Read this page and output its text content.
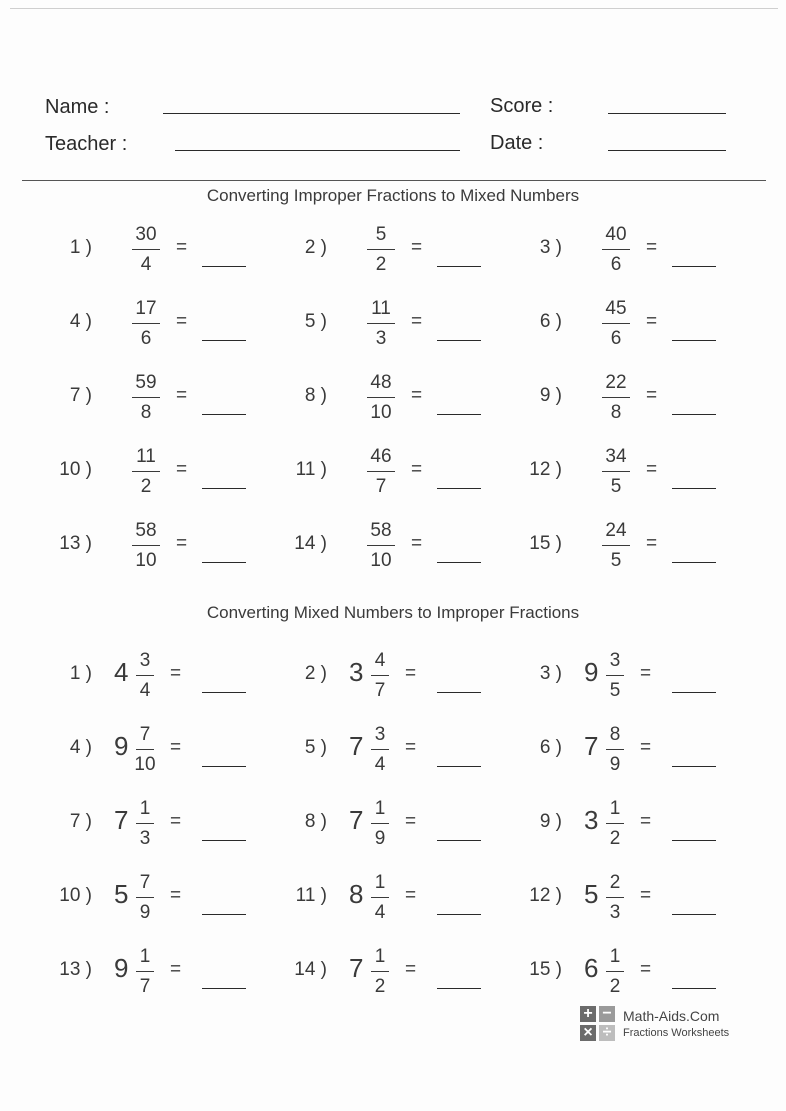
Name :
Teacher :
Score :
Date :
Converting Improper Fractions to Mixed Numbers
1 )
30
4
=	2 )
5
2
=	3 )
40
6
=
4 )
17
6
=	5 )
11
3
=	6 )
45
6
=
7 )
59
8
=	8 )
48
10
=	9 )
22
8
=
10 )
11
2
=	11 )
46
7
=	12 )
34
5
=
13 )
58
10
=	14 )
58
10
=	15 )
24
5
=
Converting Mixed Numbers to Improper Fractions
1 ) 4 3
4
=	2 ) 3 4
7
=	3 ) 9 3
5
=
4 ) 9 7
10
=	5 ) 7 3
4
=	6 ) 7 8
9
=
7 ) 7 1
3
=	8 ) 7 1
9
=	9 ) 3 1
2
=
10 ) 5 7
9
=	11 ) 8 1
4
=	12 ) 5 2
3
=
13 ) 9 1
7
=	14 ) 7 1
2
=	15 ) 6 1
2
=
+ −
× ÷
Math-Aids.Com
Fractions Worksheets
